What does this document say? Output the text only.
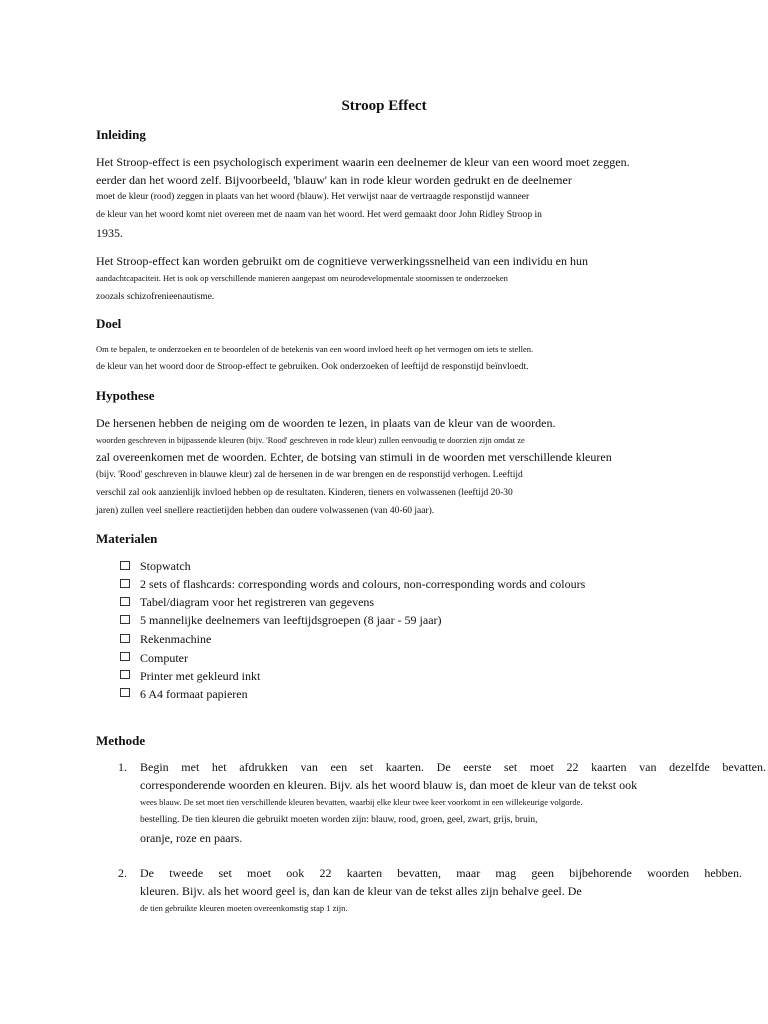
Stroop Effect
Inleiding
Het Stroop-effect is een psychologisch experiment waarin een deelnemer de kleur van een woord moet zeggen.
eerder dan het woord zelf. Bijvoorbeeld, 'blauw' kan in rode kleur worden gedrukt en de deelnemer
moet de kleur (rood) zeggen in plaats van het woord (blauw). Het verwijst naar de vertraagde responstijd wanneer
de kleur van het woord komt niet overeen met de naam van het woord. Het werd gemaakt door John Ridley Stroop in
1935.
Het Stroop-effect kan worden gebruikt om de cognitieve verwerkingssnelheid van een individu en hun
aandachtcapaciteit. Het is ook op verschillende manieren aangepast om neurodevelopmentale stoornissen te onderzoeken
zoozals schizofrenieenautisme.
Doel
Om te bepalen, te onderzoeken en te beoordelen of de betekenis van een woord invloed heeft op het vermogen om iets te stellen.
de kleur van het woord door de Stroop-effect te gebruiken. Ook onderzoeken of leeftijd de responstijd beïnvloedt.
Hypothese
De hersenen hebben de neiging om de woorden te lezen, in plaats van de kleur van de woorden.
woorden geschreven in bijpassende kleuren (bijv. 'Rood' geschreven in rode kleur) zullen eenvoudig te doorzien zijn omdat ze
zal overeenkomen met de woorden. Echter, de botsing van stimuli in de woorden met verschillende kleuren
(bijv. 'Rood' geschreven in blauwe kleur) zal de hersenen in de war brengen en de responstijd verhogen. Leeftijd
verschil zal ook aanzienlijk invloed hebben op de resultaten. Kinderen, tieners en volwassenen (leeftijd 20-30
jaren) zullen veel snellere reactietijden hebben dan oudere volwassenen (van 40-60 jaar).
Materialen
Stopwatch
2 sets of flashcards: corresponding words and colours, non-corresponding words and colours
Tabel/diagram voor het registreren van gegevens
5 mannelijke deelnemers van leeftijdsgroepen (8 jaar - 59 jaar)
Rekenmachine
Computer
Printer met gekleurd inkt
6 A4 formaat papieren
Methode
1. Begin met het afdrukken van een set kaarten. De eerste set moet 22 kaarten van dezelfde bevatten.
corresponderende woorden en kleuren. Bijv. als het woord blauw is, dan moet de kleur van de tekst ook
wees blauw. De set moet tien verschillende kleuren bevatten, waarbij elke kleur twee keer voorkomt in een willekeurige volgorde.
bestelling. De tien kleuren die gebruikt moeten worden zijn: blauw, rood, groen, geel, zwart, grijs, bruin,
oranje, roze en paars.
2. De tweede set moet ook 22 kaarten bevatten, maar mag geen bijbehorende woorden hebben.
kleuren. Bijv. als het woord geel is, dan kan de kleur van de tekst alles zijn behalve geel. De
de tien gebruikte kleuren moeten overeenkomstig stap 1 zijn.
